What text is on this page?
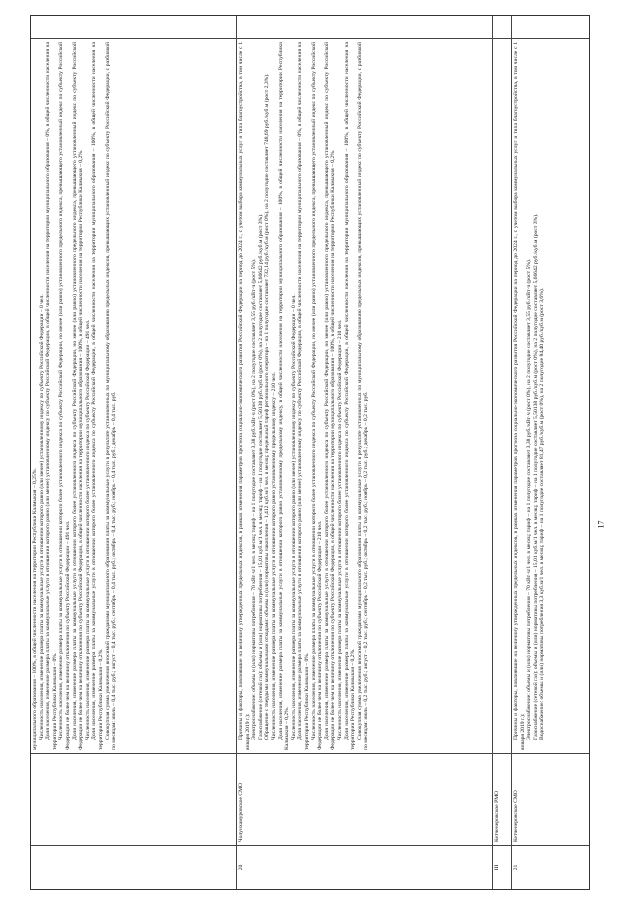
муниципального образования – 100%, в общей численности населения на территории Республики Калмыкия – 0,25%. Численность населения, изменение размера платы за коммунальные услуги в отношении которого равно (или менее) установленному индексу по субъекту Российской Федерации – 0 чел. Доля населения, изменение размера платы за коммунальные услуги в отношении которого равно (или менее) установленному индексу по субъекту Российской Федерации, в общей численности населения на территории муниципального образования – 0%, в общей численности населения на территории Республики Калмыкия – 0%. Численность населения, изменение размера платы за коммунальные услуги в отношении которого более установленного индекса по субъекту Российской Федерации, но менее (или равно) установленного предельного индекса, превышающего установленный индекс по субъекту Российской Федерации не более чем на величину отклонения по субъекту Российской Федерации – 491 чел. Доля населения, изменение размера платы за коммунальные услуги в отношении которого более установленного индекса по субъекту Российской Федерации, но менее (или равно) установленного предельного индекса, превышающего установленный индекс по субъекту Российской Федерации не более чем на величину отклонения по субъекту Российской Федерации, в общей численности населения на территории муниципального образования – 100%, в общей численности населения на территории Республики Калмыкия – 0,2%. Численность населения, изменение размера платы за коммунальные услуги в отношении которого более установленного индекса по субъекту Российской Федерации – 491 чел. Доля населения, изменение размера платы за коммунальные услуги в отношении которого более установленного индекса по субъекту Российской Федерации, в общей численности населения на территории муниципального образования – 100%, в общей численности населения на территории Республики Калмыкия – 0,2%. Совокупная сумма увеличения вносимой гражданами муниципального образования платы за коммунальные услуги в результате установленных по муниципальному образованию предельных индексов, превышающих установленный индекс по субъекту Российской Федерации, с разбивкой по месяцам: июль – 0,4 тыс. руб.; август – 0,4 тыс. руб.; сентябрь – 0,4 тыс. руб.; октябрь – 0,4 тыс. руб.; ноябрь – 0,4 тыс. руб.; декабрь – 0,4 тыс. руб.

20
Чолунхамуровское СМО

Причины и факторы, повлиявшие на величину утвержденных предельных индексов, в рамках изменения параметров прогноза социально-экономического развития Российской Федерации на период до 2024 г., с учетом выбора коммунальных услуг и типа благоустройства, в том числе с 1 января 2019 г.): Электроснабжение: объемы и (или) нормативы потребления – 70 кВт·ч/1 чел. в месяц; тариф – на 1 полугодие составляет 3,38 руб./кВт·ч (рост 0%), на 2 полугодие составляет 3,55 руб./кВт·ч (рост 5%). Газоснабжение (сетевой газ): объемы и (или) нормативы потребления – 15,01 куб.м/1 чел. в месяц; тариф – на 1 полугодие составляет 5,50138 руб./куб.м (рост 0%), на 2 полугодие составляет 5,66642 руб./куб.м (рост 3%). Обращение с твердыми коммунальными отходами: объемы и (или) нормативы накопления – 1,412 куб.м/1 чел. в месяц; предельный тариф регионального оператора – на 1 полугодие составляет 732,14 руб./куб.м (рост 0%), на 2 полугодие составляет 748,69 руб./куб.м (рост 2,3%). Численность населения, изменение размера платы за коммунальные услуги в отношении которого равно установленному предельному индексу – 210 чел. Доля населения, изменение размера платы за коммунальные услуги в отношении которого равно установленному предельному индексу, в общей численности населения на территории муниципального образования – 100%, в общей численности населения на территории Республики Калмыкия – 0,2%. Численность населения, изменение размера платы за коммунальные услуги в отношении которого равно (или менее) установленному индексу по субъекту Российской Федерации – 0 чел. Доля населения, изменение размера платы за коммунальные услуги в отношении которого равно (или менее) установленному индексу по субъекту Российской Федерации, в общей численности населения на территории муниципального образования – 0%, в общей численности населения на территории Республики Калмыкия – 0%. Численность населения, изменение размера платы за коммунальные услуги в отношении которого более установленного индекса по субъекту Российской Федерации, но менее (или равно) установленного предельного индекса, превышающего установленный индекс по субъекту Российской Федерации не более чем на величину отклонения по субъекту Российской Федерации – 210 чел. Доля населения, изменение размера платы за коммунальные услуги в отношении которого более установленного индекса по субъекту Российской Федерации, но менее (или равно) установленного предельного индекса, превышающего установленный индекс по субъекту Российской Федерации не более чем на величину отклонения по субъекту Российской Федерации, в общей численности населения на территории муниципального образования – 100%, в общей численности населения на территории Республики Калмыкия – 0,2%. Численность населения, изменение размера платы за коммунальные услуги в отношении которого более установленного индекса по субъекту Российской Федерации – 210 чел. Доля населения, изменение размера платы за коммунальные услуги в отношении которого более установленного индекса по субъекту Российской Федерации, в общей численности населения на территории муниципального образования – 100%, в общей численности населения на территории Республики Калмыкия – 0,2%. Совокупная сумма увеличения вносимой гражданами муниципального образования платы за коммунальные услуги в результате установленных по муниципальному образованию предельных индексов, превышающих установленный индекс по субъекту Российской Федерации, с разбивкой по месяцам: июль – 0,2 тыс. руб.; август – 0,2 тыс. руб.; сентябрь – 0,2 тыс. руб.; октябрь – 0,2 тыс. руб.; ноябрь – 0,2 тыс. руб.; декабрь – 0,2 тыс. руб.

III
Кетченеровское РМО
21
Кетченеровское СМО

Причины и факторы, повлиявшие на величину утвержденных предельных индексов, в рамках изменения параметров прогноза социально-экономического развития Российской Федерации на период до 2024 г., с учетом выбора коммунальных услуг и типа благоустройства, в том числе с 1 января 2019 г.): Электроснабжение: объемы и (или) нормативы потребления – 70 кВт·ч/1 чел. в месяц; тариф – на 1 полугодие составляет 3,38 руб./кВт·ч (рост 0%), на 2 полугодие составляет 3,55 руб./кВт·ч (рост 5%). Газоснабжение (сетевой газ): объемы и (или) нормативы потребления – 15,01 куб.м/1 чел. в месяц; тариф – на 1 полугодие составляет 5,50138 руб./куб.м (рост 0%), на 2 полугодие составляет 5,66642 руб./куб.м (рост 3%). Водоснабжение: объемы и (или) нормативы потребления 3,3 куб.м/1 чел. в месяц; тариф – на 1 полугодие составляет 81,47 руб./куб.м (рост 0%), на 2 полугодие 84,40 руб./куб.м (рост 3,6%).	17
